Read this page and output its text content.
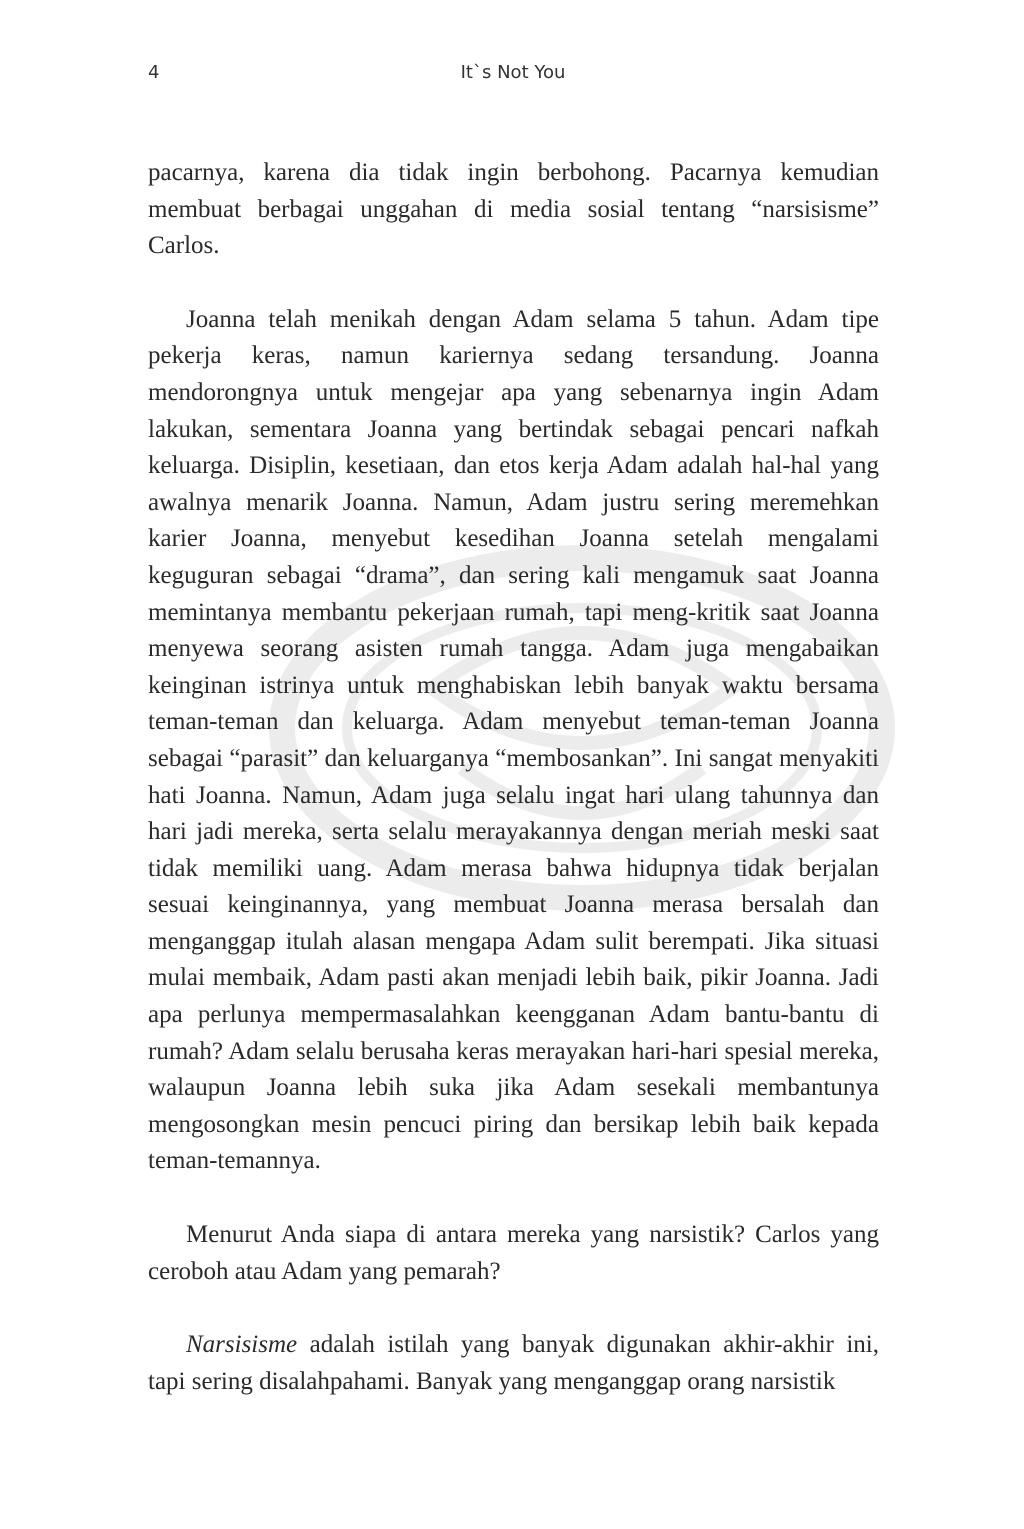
4	It`s Not You

pacarnya, karena dia tidak ingin berbohong. Pacarnya kemudian membuat berbagai unggahan di media sosial tentang “narsisisme” Carlos.

Joanna telah menikah dengan Adam selama 5 tahun. Adam tipe pekerja keras, namun kariernya sedang tersandung. Joanna mendorongnya untuk mengejar apa yang sebenarnya ingin Adam lakukan, sementara Joanna yang bertindak sebagai pencari nafkah keluarga. Disiplin, kesetiaan, dan etos kerja Adam adalah hal-hal yang awalnya menarik Joanna. Namun, Adam justru sering meremehkan karier Joanna, menyebut kesedihan Joanna setelah mengalami keguguran sebagai “drama”, dan sering kali mengamuk saat Joanna memintanya membantu pekerjaan rumah, tapi meng-kritik saat Joanna menyewa seorang asisten rumah tangga. Adam juga mengabaikan keinginan istrinya untuk menghabiskan lebih banyak waktu bersama teman-teman dan keluarga. Adam menyebut teman-teman Joanna sebagai “parasit” dan keluarganya “membosankan”. Ini sangat menyakiti hati Joanna. Namun, Adam juga selalu ingat hari ulang tahunnya dan hari jadi mereka, serta selalu merayakannya dengan meriah meski saat tidak memiliki uang. Adam merasa bahwa hidupnya tidak berjalan sesuai keinginannya, yang membuat Joanna merasa bersalah dan menganggap itulah alasan mengapa Adam sulit berempati. Jika situasi mulai membaik, Adam pasti akan menjadi lebih baik, pikir Joanna. Jadi apa perlunya mempermasalahkan keengganan Adam bantu-bantu di rumah? Adam selalu berusaha keras merayakan hari-hari spesial mereka, walaupun Joanna lebih suka jika Adam sesekali membantunya mengosongkan mesin pencuci piring dan bersikap lebih baik kepada teman-temannya.

Menurut Anda siapa di antara mereka yang narsistik? Carlos yang ceroboh atau Adam yang pemarah?

Narsisisme adalah istilah yang banyak digunakan akhir-akhir ini, tapi sering disalahpahami. Banyak yang menganggap orang narsistik
